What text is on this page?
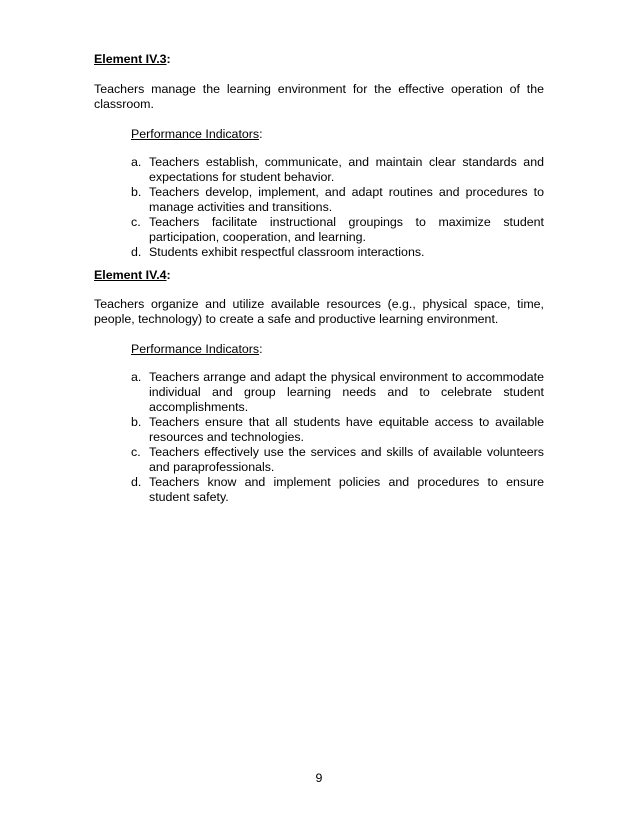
Element IV.3:
Teachers manage the learning environment for the effective operation of the classroom.
Performance Indicators:
a. Teachers establish, communicate, and maintain clear standards and expectations for student behavior.
b. Teachers develop, implement, and adapt routines and procedures to manage activities and transitions.
c. Teachers facilitate instructional groupings to maximize student participation, cooperation, and learning.
d. Students exhibit respectful classroom interactions.
Element IV.4:
Teachers organize and utilize available resources (e.g., physical space, time, people, technology) to create a safe and productive learning environment.
Performance Indicators:
a. Teachers arrange and adapt the physical environment to accommodate individual and group learning needs and to celebrate student accomplishments.
b. Teachers ensure that all students have equitable access to available resources and technologies.
c. Teachers effectively use the services and skills of available volunteers and paraprofessionals.
d. Teachers know and implement policies and procedures to ensure student safety.
9
